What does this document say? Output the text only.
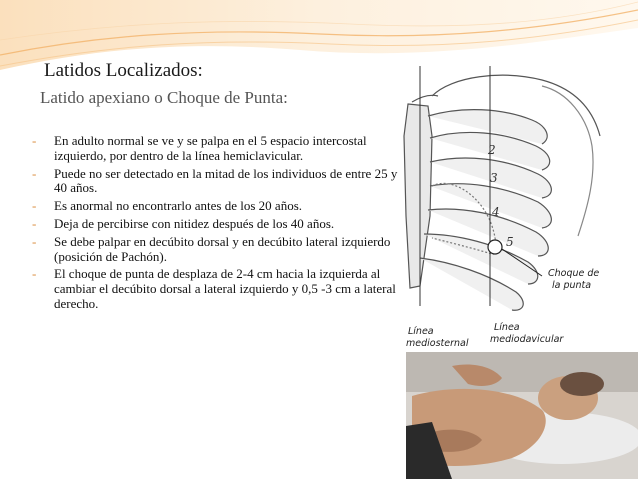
Latidos Localizados:
Latido apexiano o Choque de Punta:
- En adulto normal se ve y se palpa en el 5 espacio intercostal izquierdo, por dentro de la línea hemiclavicular.
- Puede no ser detectado en la mitad de los individuos de entre 25 y 40 años.
- Es anormal no encontrarlo antes de los 20 años.
- Deja de percibirse con nitidez después de los 40 años.
- Se debe palpar en decúbito dorsal y en decúbito lateral izquierdo (posición de Pachón).
- El choque de punta de desplaza de 2-4 cm hacia la izquierda al cambiar el decúbito dorsal a lateral izquierdo y 0,5 -3 cm a lateral derecho.
2
3
4
5
Choque de
la punta
Línea
mediosternal
Línea
mediodavicular
